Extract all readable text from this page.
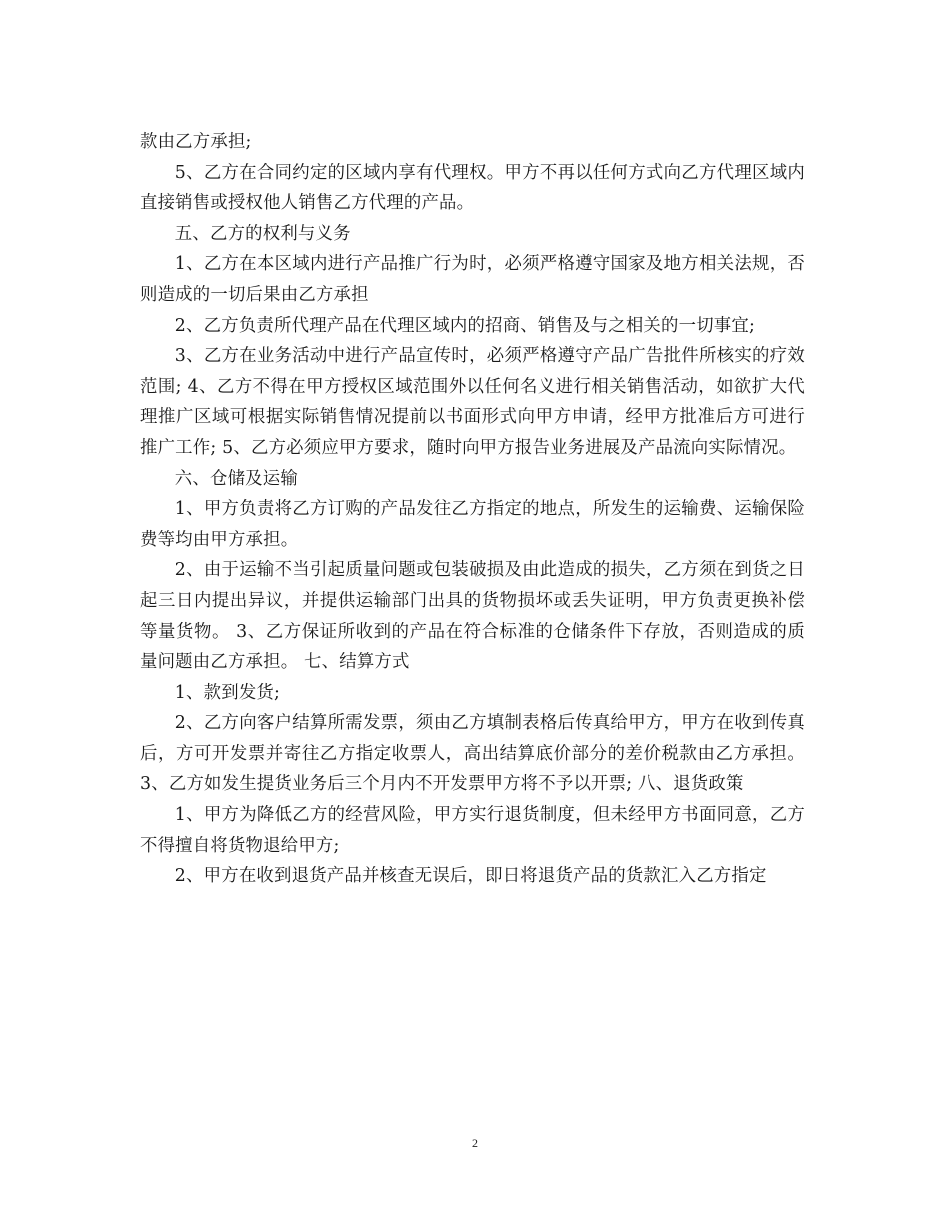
款由乙方承担;

5、乙方在合同约定的区域内享有代理权。甲方不再以任何方式向乙方代理区域内直接销售或授权他人销售乙方代理的产品。

五、乙方的权利与义务

1、乙方在本区域内进行产品推广行为时，必须严格遵守国家及地方相关法规，否则造成的一切后果由乙方承担

2、乙方负责所代理产品在代理区域内的招商、销售及与之相关的一切事宜;

3、乙方在业务活动中进行产品宣传时，必须严格遵守产品广告批件所核实的疗效范围; 4、乙方不得在甲方授权区域范围外以任何名义进行相关销售活动，如欲扩大代理推广区域可根据实际销售情况提前以书面形式向甲方申请，经甲方批准后方可进行推广工作; 5、乙方必须应甲方要求，随时向甲方报告业务进展及产品流向实际情况。

六、仓储及运输

1、甲方负责将乙方订购的产品发往乙方指定的地点，所发生的运输费、运输保险费等均由甲方承担。

2、由于运输不当引起质量问题或包装破损及由此造成的损失，乙方须在到货之日起三日内提出异议，并提供运输部门出具的货物损坏或丢失证明，甲方负责更换补偿等量货物。 3、乙方保证所收到的产品在符合标准的仓储条件下存放，否则造成的质量问题由乙方承担。 七、结算方式

1、款到发货;

2、乙方向客户结算所需发票，须由乙方填制表格后传真给甲方，甲方在收到传真后，方可开发票并寄往乙方指定收票人，高出结算底价部分的差价税款由乙方承担。 3、乙方如发生提货业务后三个月内不开发票甲方将不予以开票; 八、退货政策

1、甲方为降低乙方的经营风险，甲方实行退货制度，但未经甲方书面同意，乙方不得擅自将货物退给甲方;

2、甲方在收到退货产品并核查无误后，即日将退货产品的货款汇入乙方指定

2
